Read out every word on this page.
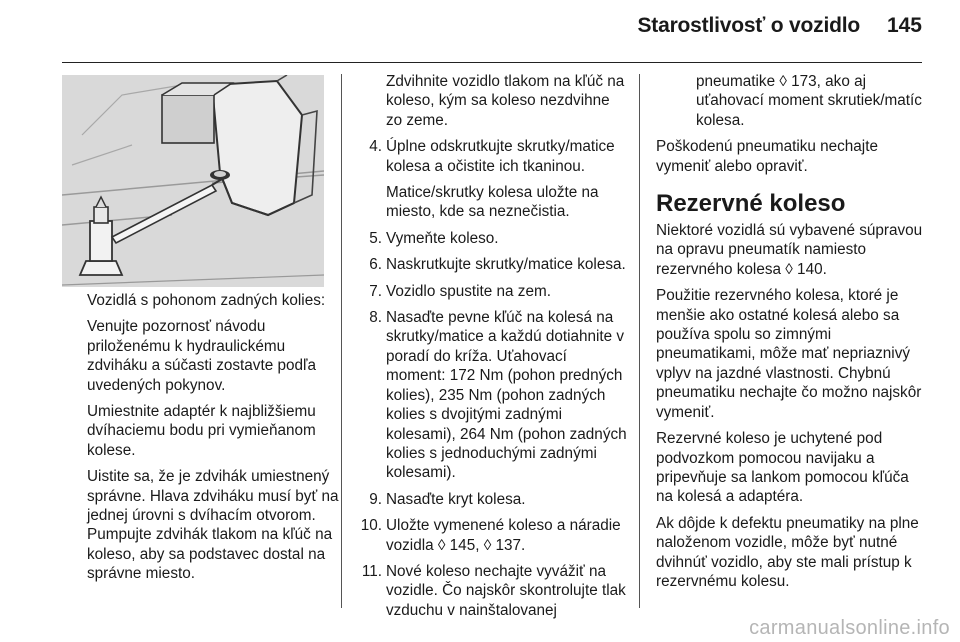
Starostlivosť o vozidlo	145

Vozidlá s pohonom zadných kolies:

Venujte pozornosť návodu priloženému k hydraulickému zdviháku a súčasti zostavte podľa uvedených pokynov.

Umiestnite adaptér k najbližšiemu dvíhaciemu bodu pri vymieňanom kolese.

Uistite sa, že je zdvihák umiestnený správne. Hlava zdviháku musí byť na jednej úrovni s dvíhacím otvorom. Pumpujte zdvihák tlakom na kľúč na koleso, aby sa podstavec dostal na správne miesto.

Zdvihnite vozidlo tlakom na kľúč na koleso, kým sa koleso nezdvihne zo zeme.

4. Úplne odskrutkujte skrutky/matice kolesa a očistite ich tkaninou.
Matice/skrutky kolesa uložte na miesto, kde sa neznečistia.
5. Vymeňte koleso.
6. Naskrutkujte skrutky/matice kolesa.
7. Vozidlo spustite na zem.
8. Nasaďte pevne kľúč na kolesá na skrutky/matice a každú dotiahnite v poradí do kríža. Uťahovací moment: 172 Nm (pohon predných kolies), 235 Nm (pohon zadných kolies s dvojitými zadnými kolesami), 264 Nm (pohon zadných kolies s jednoduchými zadnými kolesami).
9. Nasaďte kryt kolesa.
10. Uložte vymenené koleso a náradie vozidla ◊ 145, ◊ 137.
11. Nové koleso nechajte vyvážiť na vozidle. Čo najskôr skontrolujte tlak vzduchu v nainštalovanej

pneumatike ◊ 173, ako aj uťahovací moment skrutiek/matíc kolesa.

Poškodenú pneumatiku nechajte vymeniť alebo opraviť.

Rezervné koleso

Niektoré vozidlá sú vybavené súpravou na opravu pneumatík namiesto rezervného kolesa ◊ 140.

Použitie rezervného kolesa, ktoré je menšie ako ostatné kolesá alebo sa používa spolu so zimnými pneumatikami, môže mať nepriaznivý vplyv na jazdné vlastnosti. Chybnú pneumatiku nechajte čo možno najskôr vymeniť.

Rezervné koleso je uchytené pod podvozkom pomocou navijaku a pripevňuje sa lankom pomocou kľúča na kolesá a adaptéra.

Ak dôjde k defektu pneumatiky na plne naloženom vozidle, môže byť nutné dvihnúť vozidlo, aby ste mali prístup k rezervnému kolesu.

carmanualsonline.info
